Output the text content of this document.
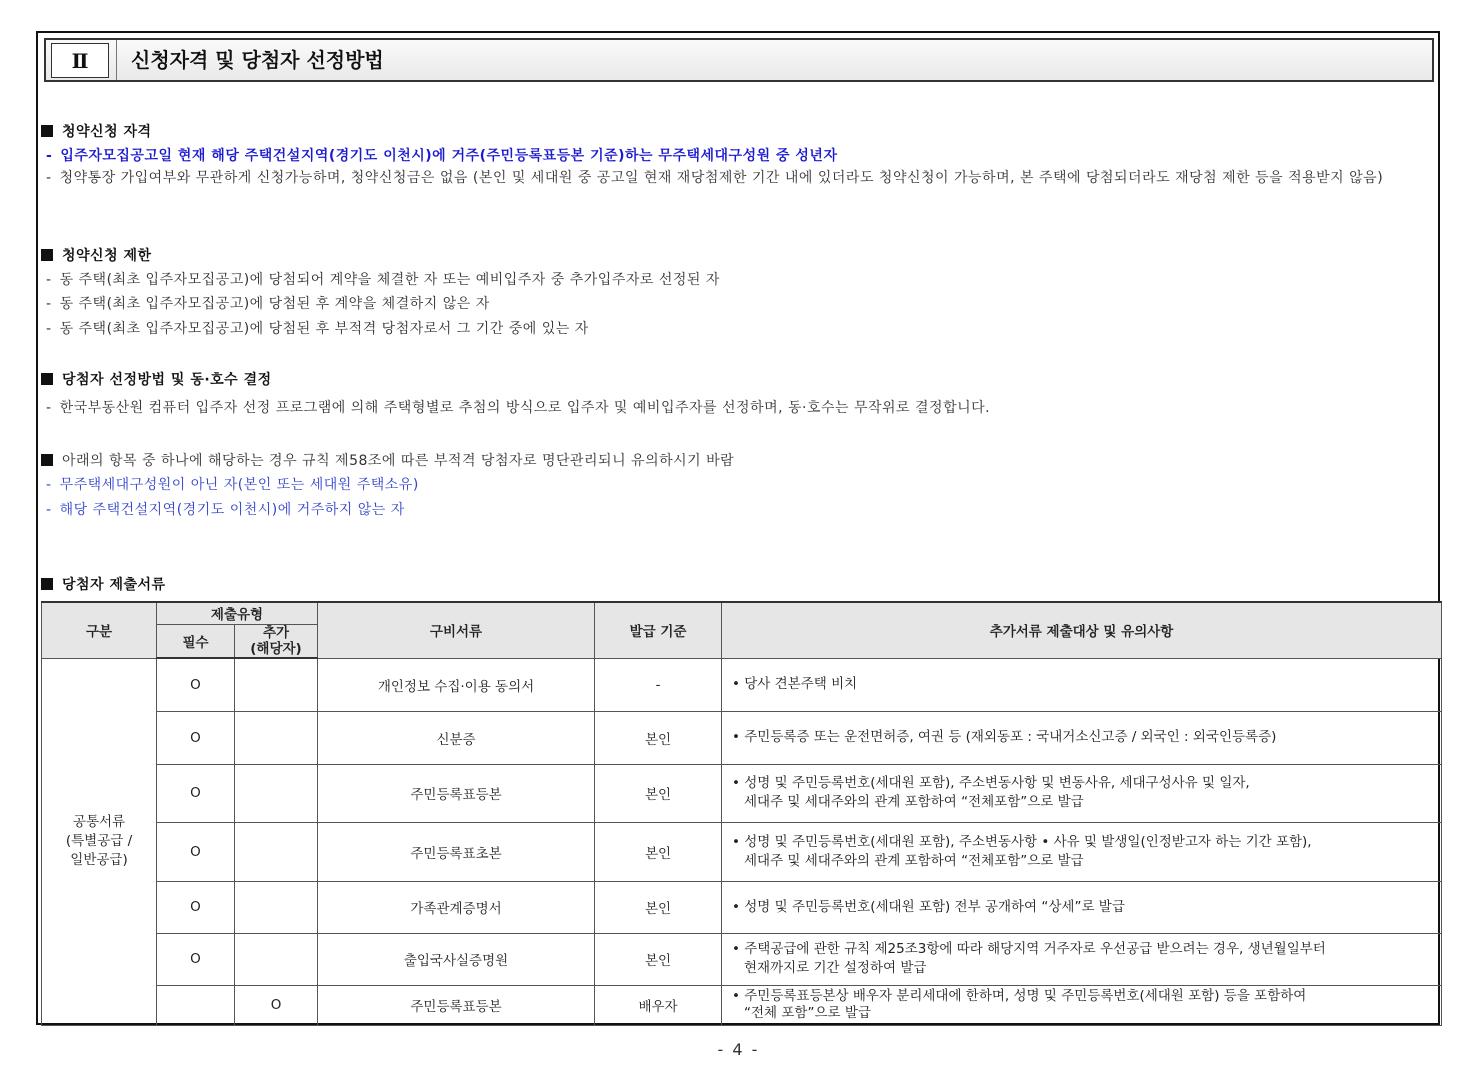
Ⅱ	신청자격 및 당첨자 선정방법
청약신청 자격
- 입주자모집공고일 현재 해당 주택건설지역(경기도 이천시)에 거주(주민등록표등본 기준)하는 무주택세대구성원 중 성년자
- 청약통장 가입여부와 무관하게 신청가능하며, 청약신청금은 없음 (본인 및 세대원 중 공고일 현재 재당첨제한 기간 내에 있더라도 청약신청이 가능하며, 본 주택에 당첨되더라도 재당첨 제한 등을 적용받지 않음)
청약신청 제한
- 동 주택(최초 입주자모집공고)에 당첨되어 계약을 체결한 자 또는 예비입주자 중 추가입주자로 선정된 자
- 동 주택(최초 입주자모집공고)에 당첨된 후 계약을 체결하지 않은 자
- 동 주택(최초 입주자모집공고)에 당첨된 후 부적격 당첨자로서 그 기간 중에 있는 자
당첨자 선정방법 및 동·호수 결정
- 한국부동산원 컴퓨터 입주자 선정 프로그램에 의해 주택형별로 추첨의 방식으로 입주자 및 예비입주자를 선정하며, 동·호수는 무작위로 결정합니다.
아래의 항목 중 하나에 해당하는 경우 규칙 제58조에 따른 부적격 당첨자로 명단관리되니 유의하시기 바람
- 무주택세대구성원이 아닌 자(본인 또는 세대원 주택소유)
- 해당 주택건설지역(경기도 이천시)에 거주하지 않는 자
당첨자 제출서류
구분	제출유형		구비서류	발급 기준	추가서류 제출대상 및 유의사항
	필수	추가
(해당자)			

공통서류
(특별공급 /
일반공급)	O		개인정보 수집·이용 동의서	-	• 당사 견본주택 비치

	O		신분증	본인	• 주민등록증 또는 운전면허증, 여권 등 (재외동포 : 국내거소신고증 / 외국인 : 외국인등록증)

	O		주민등록표등본	본인	• 성명 및 주민등록번호(세대원 포함), 주소변동사항 및 변동사유, 세대구성사유 및 일자,
세대주 및 세대주와의 관계 포함하여 “전체포함”으로 발급

	O		주민등록표초본	본인	• 성명 및 주민등록번호(세대원 포함), 주소변동사항 • 사유 및 발생일(인정받고자 하는 기간 포함),
세대주 및 세대주와의 관계 포함하여 “전체포함”으로 발급

	O		가족관계증명서	본인	• 성명 및 주민등록번호(세대원 포함) 전부 공개하여 “상세”로 발급

	O		출입국사실증명원	본인	• 주택공급에 관한 규칙 제25조3항에 따라 해당지역 거주자로 우선공급 받으려는 경우, 생년월일부터
현재까지로 기간 설정하여 발급

		O	주민등록표등본	배우자	• 주민등록표등본상 배우자 분리세대에 한하며, 성명 및 주민등록번호(세대원 포함) 등을 포함하여
“전체 포함”으로 발급
- 4 -
